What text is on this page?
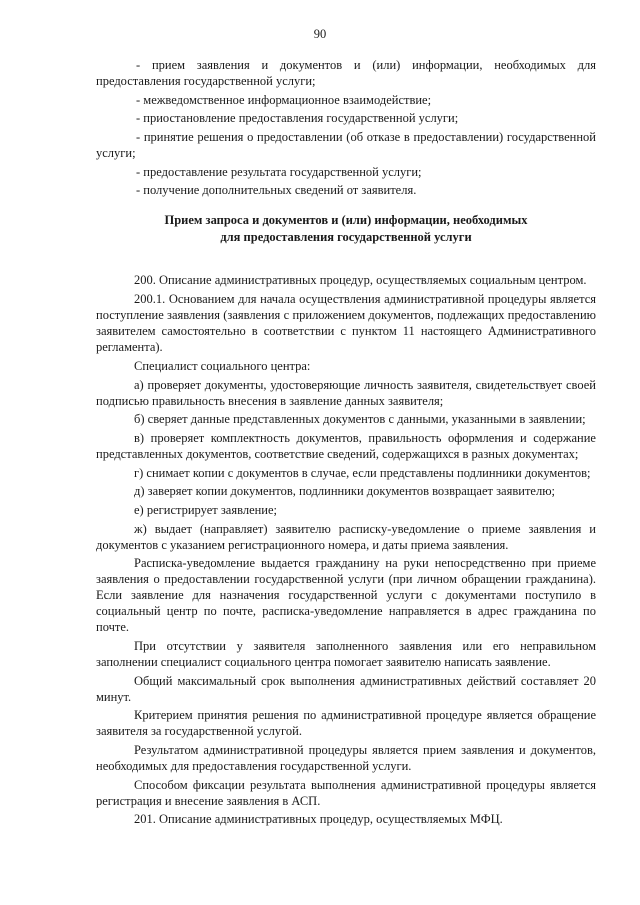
90

- прием заявления и документов и (или) информации, необходимых для предоставления государственной услуги;

- межведомственное информационное взаимодействие;

- приостановление предоставления государственной услуги;

- принятие решения о предоставлении (об отказе в предоставлении) государственной услуги;

- предоставление результата государственной услуги;

- получение дополнительных сведений от заявителя.

Прием запроса и документов и (или) информации, необходимых
для предоставления государственной услуги

200. Описание административных процедур, осуществляемых социальным центром.

200.1. Основанием для начала осуществления административной процедуры является поступление заявления (заявления с приложением документов, подлежащих предоставлению заявителем самостоятельно в соответствии с пунктом 11 настоящего Административного регламента).

Специалист социального центра:

а) проверяет документы, удостоверяющие личность заявителя, свидетельствует своей подписью правильность внесения в заявление данных заявителя;

б) сверяет данные представленных документов с данными, указанными в заявлении;

в) проверяет комплектность документов, правильность оформления и содержание представленных документов, соответствие сведений, содержащихся в разных документах;

г) снимает копии с документов в случае, если представлены подлинники документов;

д) заверяет копии документов, подлинники документов возвращает заявителю;

е) регистрирует заявление;

ж) выдает (направляет) заявителю расписку-уведомление о приеме заявления и документов с указанием регистрационного номера, и даты приема заявления.

Расписка-уведомление выдается гражданину на руки непосредственно при приеме заявления о предоставлении государственной услуги (при личном обращении гражданина). Если заявление для назначения государственной услуги с документами поступило в социальный центр по почте, расписка-уведомление направляется в адрес гражданина по почте.

При отсутствии у заявителя заполненного заявления или его неправильном заполнении специалист социального центра помогает заявителю написать заявление.

Общий максимальный срок выполнения административных действий составляет 20 минут.

Критерием принятия решения по административной процедуре является обращение заявителя за государственной услугой.

Результатом административной процедуры является прием заявления и документов, необходимых для предоставления государственной услуги.

Способом фиксации результата выполнения административной процедуры является регистрация и внесение заявления в АСП.

201. Описание административных процедур, осуществляемых МФЦ.
